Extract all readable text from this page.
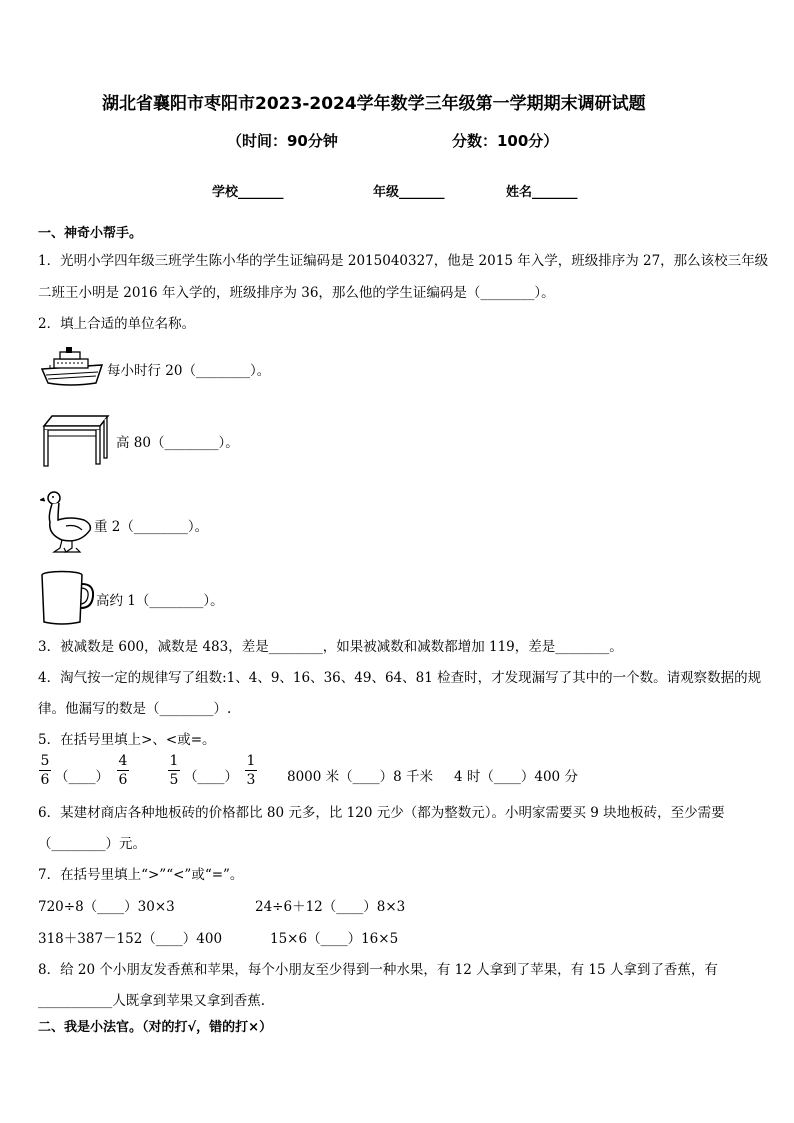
湖北省襄阳市枣阳市2023-2024学年数学三年级第一学期期末调研试题
（时间：90分钟	分数：100分）
学校_______	年级_______	姓名_______
一、神奇小帮手。
1．光明小学四年级三班学生陈小华的学生证编码是 2015040327，他是 2015 年入学，班级排序为 27，那么该校三年级
二班王小明是 2016 年入学的，班级排序为 36，那么他的学生证编码是（________）。
2．填上合适的单位名称。
每小时行 20（________）。
高 80（________）。
重 2（________）。
高约 1（________）。
3．被减数是 600，减数是 483，差是________，如果被减数和减数都增加 119，差是________。
4．淘气按一定的规律写了组数:1、4、9、16、36、49、64、81 检查时，才发现漏写了其中的一个数。请观察数据的规
律。他漏写的数是（________）.
5．在括号里填上>、<或=。
5
6 （____）
4
6
1
5 （____）
1
3 8000 米（____）8 千米 4 时（____）400 分
6．某建材商店各种地板砖的价格都比 80 元多，比 120 元少（都为整数元）。小明家需要买 9 块地板砖，至少需要
（________）元。
7．在括号里填上“>”“<”或“=”。
720÷8（____）30×3	24÷6＋12（____）8×3
318＋387－152（____）400	15×6（____）16×5
8．给 20 个小朋友发香蕉和苹果，每个小朋友至少得到一种水果，有 12 人拿到了苹果，有 15 人拿到了香蕉，有
___________人既拿到苹果又拿到香蕉.
二、我是小法官。（对的打√，错的打×）
